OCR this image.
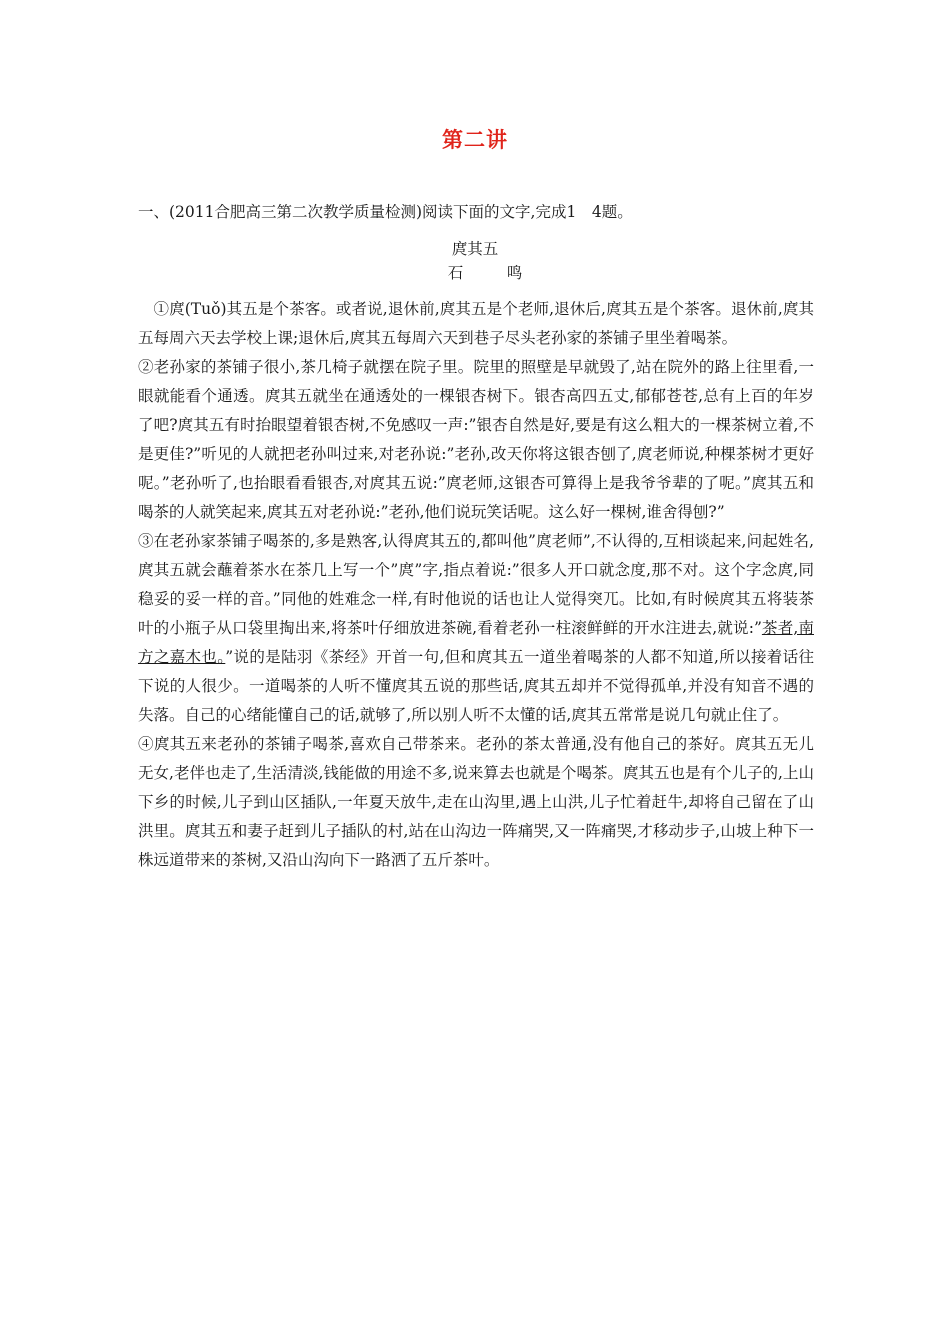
第二讲
一、(2011合肥高三第二次教学质量检测)阅读下面的文字,完成1　4题。
庹其五
石　鸣

①庹(Tuǒ)其五是个茶客。或者说,退休前,庹其五是个老师,退休后,庹其五是个茶客。退休前,庹其五每周六天去学校上课;退休后,庹其五每周六天到巷子尽头老孙家的茶铺子里坐着喝茶。

②老孙家的茶铺子很小,茶几椅子就摆在院子里。院里的照壁是早就毁了,站在院外的路上往里看,一眼就能看个通透。庹其五就坐在通透处的一棵银杏树下。银杏高四五丈,郁郁苍苍,总有上百的年岁了吧?庹其五有时抬眼望着银杏树,不免感叹一声:”银杏自然是好,要是有这么粗大的一棵茶树立着,不是更佳?”听见的人就把老孙叫过来,对老孙说:”老孙,改天你将这银杏刨了,庹老师说,种棵茶树才更好呢。”老孙听了,也抬眼看看银杏,对庹其五说:”庹老师,这银杏可算得上是我爷爷辈的了呢。”庹其五和喝茶的人就笑起来,庹其五对老孙说:”老孙,他们说玩笑话呢。这么好一棵树,谁舍得刨?”

③在老孙家茶铺子喝茶的,多是熟客,认得庹其五的,都叫他”庹老师”,不认得的,互相谈起来,问起姓名,庹其五就会蘸着茶水在茶几上写一个”庹”字,指点着说:”很多人开口就念度,那不对。这个字念庹,同稳妥的妥一样的音。”同他的姓难念一样,有时他说的话也让人觉得突兀。比如,有时候庹其五将装茶叶的小瓶子从口袋里掏出来,将茶叶仔细放进茶碗,看着老孙一柱滚鲜鲜的开水注进去,就说:”茶者,南方之嘉木也。”说的是陆羽《茶经》开首一句,但和庹其五一道坐着喝茶的人都不知道,所以接着话往下说的人很少。一道喝茶的人听不懂庹其五说的那些话,庹其五却并不觉得孤单,并没有知音不遇的失落。自己的心绪能懂自己的话,就够了,所以别人听不太懂的话,庹其五常常是说几句就止住了。

④庹其五来老孙的茶铺子喝茶,喜欢自己带茶来。老孙的茶太普通,没有他自己的茶好。庹其五无儿无女,老伴也走了,生活清淡,钱能做的用途不多,说来算去也就是个喝茶。庹其五也是有个儿子的,上山下乡的时候,儿子到山区插队,一年夏天放牛,走在山沟里,遇上山洪,儿子忙着赶牛,却将自己留在了山洪里。庹其五和妻子赶到儿子插队的村,站在山沟边一阵痛哭,又一阵痛哭,才移动步子,山坡上种下一株远道带来的茶树,又沿山沟向下一路洒了五斤茶叶。
